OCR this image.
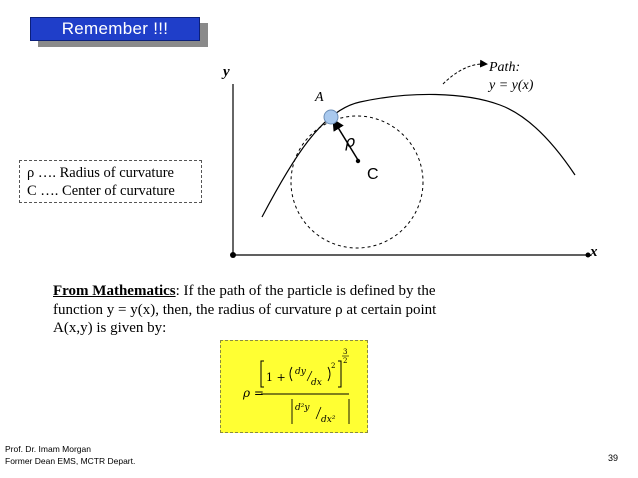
Remember !!!
ρ …. Radius of curvature
C …. Center of curvature
y
x
A
ρ
C
Path:
y = y(x)
From Mathematics: If the path of the particle is defined by the function y = y(x), then, the radius of curvature ρ at certain point A(x,y) is given by:
ρ =
1 + dy
dx
2
3
2
d²y
dx²
Prof. Dr. Imam Morgan
Former Dean EMS, MCTR Depart.	39
